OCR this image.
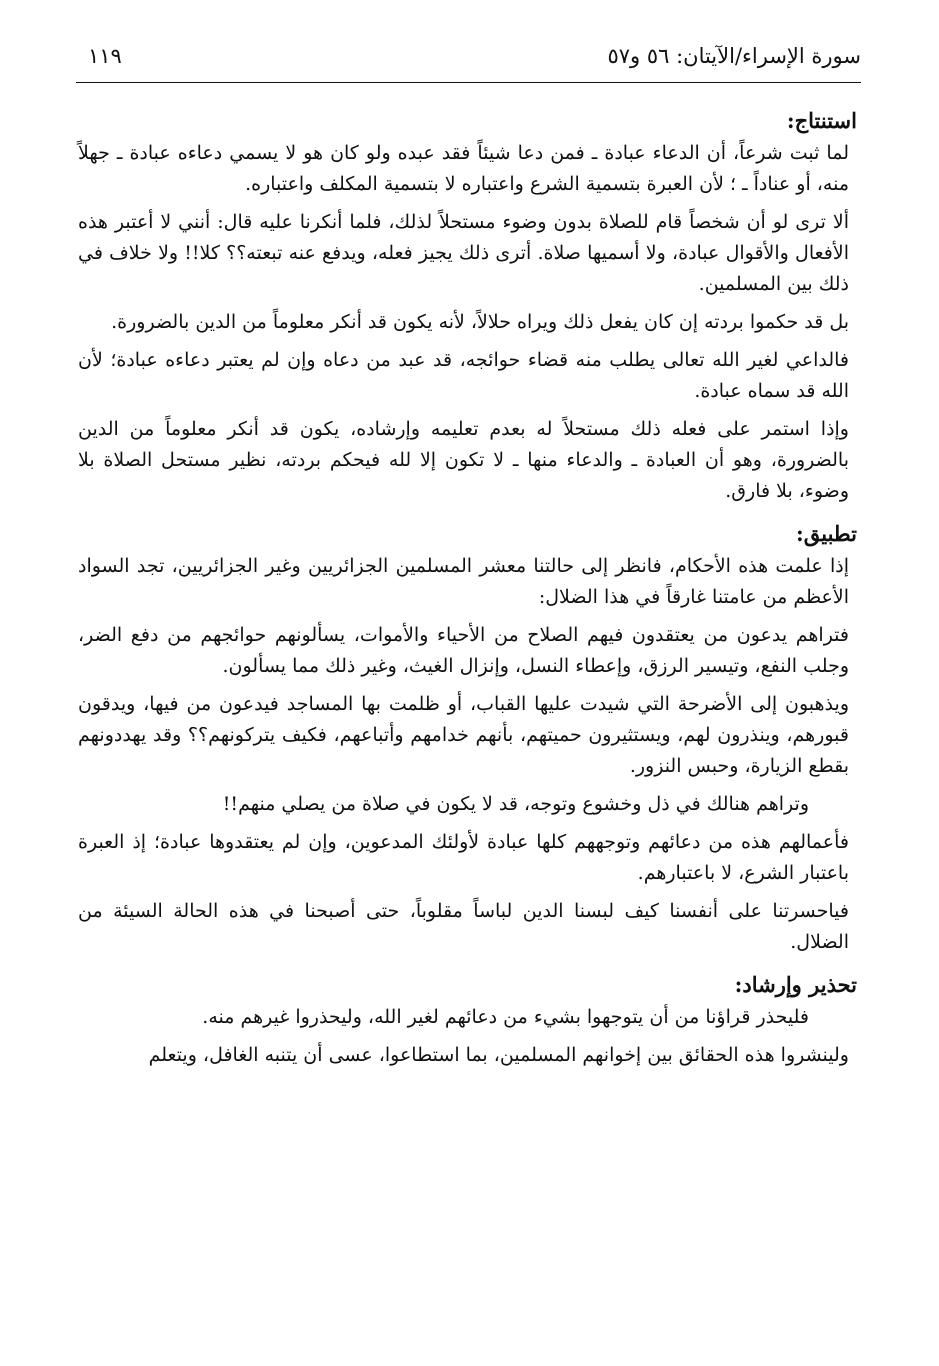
سورة الإسراء/الآيتان: ٥٦ و٥٧
١١٩
استنتاج:

لما ثبت شرعاً، أن الدعاء عبادة ـ فمن دعا شيئاً فقد عبده ولو كان هو لا يسمي دعاءه عبادة ـ جهلاً منه، أو عناداً ـ ؛ لأن العبرة بتسمية الشرع واعتباره لا بتسمية المكلف واعتباره.

ألا ترى لو أن شخصاً قام للصلاة بدون وضوء مستحلاً لذلك، فلما أنكرنا عليه قال: أنني لا أعتبر هذه الأفعال والأقوال عبادة، ولا أسميها صلاة. أترى ذلك يجيز فعله، ويدفع عنه تبعته؟؟ كلا!! ولا خلاف في ذلك بين المسلمين.

بل قد حكموا بردته إن كان يفعل ذلك ويراه حلالاً، لأنه يكون قد أنكر معلوماً من الدين بالضرورة.

فالداعي لغير الله تعالى يطلب منه قضاء حوائجه، قد عبد من دعاه وإن لم يعتبر دعاءه عبادة؛ لأن الله قد سماه عبادة.

وإذا استمر على فعله ذلك مستحلاً له بعدم تعليمه وإرشاده، يكون قد أنكر معلوماً من الدين بالضرورة، وهو أن العبادة ـ والدعاء منها ـ لا تكون إلا لله فيحكم بردته، نظير مستحل الصلاة بلا وضوء، بلا فارق.

تطبيق:

إذا علمت هذه الأحكام، فانظر إلى حالتنا معشر المسلمين الجزائريين وغير الجزائريين، تجد السواد الأعظم من عامتنا غارقاً في هذا الضلال:

فتراهم يدعون من يعتقدون فيهم الصلاح من الأحياء والأموات، يسألونهم حوائجهم من دفع الضر، وجلب النفع، وتيسير الرزق، وإعطاء النسل، وإنزال الغيث، وغير ذلك مما يسألون.

ويذهبون إلى الأضرحة التي شيدت عليها القباب، أو ظلمت بها المساجد فيدعون من فيها، ويدقون قبورهم، وينذرون لهم، ويستثيرون حميتهم، بأنهم خدامهم وأتباعهم، فكيف يتركونهم؟؟ وقد يهددونهم بقطع الزيارة، وحبس النزور.

وتراهم هنالك في ذل وخشوع وتوجه، قد لا يكون في صلاة من يصلي منهم!!

فأعمالهم هذه من دعائهم وتوجههم كلها عبادة لأولئك المدعوين، وإن لم يعتقدوها عبادة؛ إذ العبرة باعتبار الشرع، لا باعتبارهم.

فياحسرتنا على أنفسنا كيف لبسنا الدين لباساً مقلوباً، حتى أصبحنا في هذه الحالة السيئة من الضلال.

تحذير وإرشاد:

فليحذر قراؤنا من أن يتوجهوا بشيء من دعائهم لغير الله، وليحذروا غيرهم منه.

ولينشروا هذه الحقائق بين إخوانهم المسلمين، بما استطاعوا، عسى أن يتنبه الغافل، ويتعلم
